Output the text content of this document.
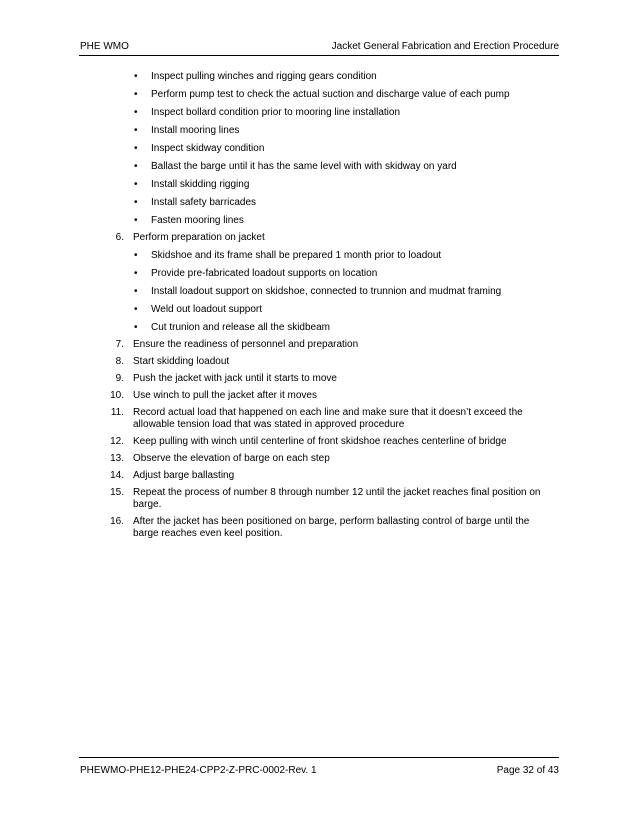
PHE WMO	Jacket General Fabrication and Erection Procedure
•	Inspect pulling winches and rigging gears condition
•	Perform pump test to check the actual suction and discharge value of each pump
•	Inspect bollard condition prior to mooring line installation
•	Install mooring lines
•	Inspect skidway condition
•	Ballast the barge until it has the same level with with skidway on yard
•	Install skidding rigging
•	Install safety barricades
•	Fasten mooring lines
6. Perform preparation on jacket
•	Skidshoe and its frame shall be prepared 1 month prior to loadout
•	Provide pre-fabricated loadout supports on location
•	Install loadout support on skidshoe, connected to trunnion and mudmat framing
•	Weld out loadout support
•	Cut trunion and release all the skidbeam
7. Ensure the readiness of personnel and preparation
8. Start skidding loadout
9. Push the jacket with jack until it starts to move
10. Use winch to pull the jacket after it moves
11. Record actual load that happened on each line and make sure that it doesn’t exceed the allowable tension load that was stated in approved procedure
12. Keep pulling with winch until centerline of front skidshoe reaches centerline of bridge
13. Observe the elevation of barge on each step
14. Adjust barge ballasting
15. Repeat the process of number 8 through number 12 until the jacket reaches final position on barge.
16. After the jacket has been positioned on barge, perform ballasting control of barge until the barge reaches even keel position.
PHEWMO-PHE12-PHE24-CPP2-Z-PRC-0002-Rev. 1	Page 32 of 43
